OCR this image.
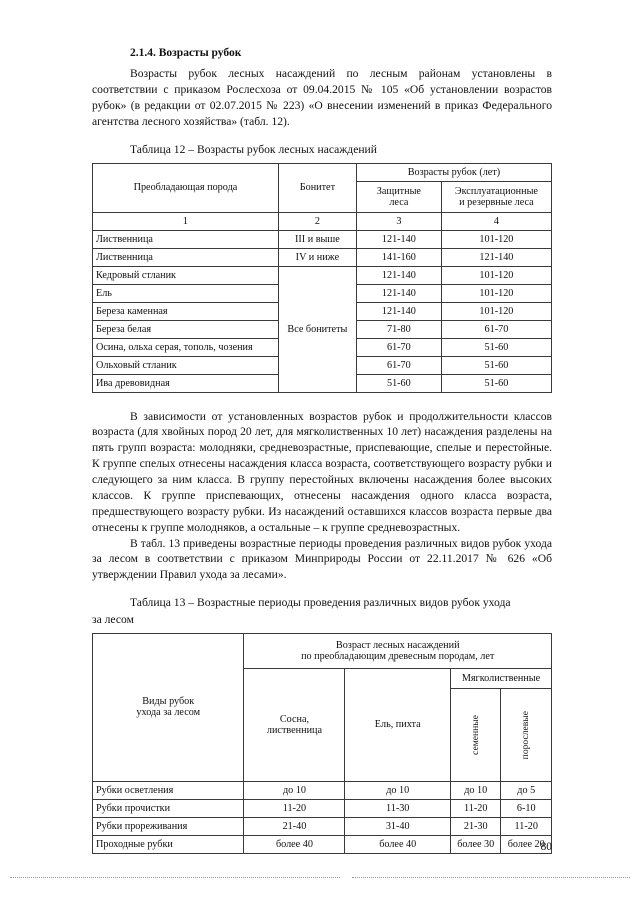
2.1.4. Возрасты рубок

Возрасты рубок лесных насаждений по лесным районам установлены в соответствии с приказом Рослесхоза от 09.04.2015 № 105 «Об установлении возрастов рубок» (в редакции от 02.07.2015 № 223) «О внесении изменений в приказ Федерального агентства лесного хозяйства» (табл. 12).

Таблица 12 – Возрасты рубок лесных насаждений
Преобладающая порода	Бонитет	Возрасты рубок (лет)	

Защитные
леса

Эксплуатационные
и резервные леса

1	2	3	4
Лиственница	III и выше	121-140	101-120
Лиственница	IV и ниже	141-160	121-140
Кедровый стланик	Все бонитеты	121-140	101-120
Ель		121-140	101-120
Береза каменная		121-140	101-120
Береза белая		71-80	61-70
Осина, ольха серая, тополь, чозения		61-70	51-60
Ольховый стланик		61-70	51-60
Ива древовидная		51-60	51-60

В зависимости от установленных возрастов рубок и продолжительности классов возраста (для хвойных пород 20 лет, для мягколиственных 10 лет) насаждения разделены на пять групп возраста: молодняки, средневозрастные, приспевающие, спелые и перестойные. К группе спелых отнесены насаждения класса возраста, соответствующего возрасту рубки и следующего за ним класса. В группу перестойных включены насаждения более высоких классов. К группе приспевающих, отнесены насаждения одного класса возраста, предшествующего возрасту рубки. Из насаждений оставшихся классов возраста первые два отнесены к группе молодняков, а остальные – к группе средневозрастных.

В табл. 13 приведены возрастные периоды проведения различных видов рубок ухода за лесом в соответствии с приказом Минприроды России от 22.11.2017 № 626 «Об утверждении Правил ухода за лесами».

Таблица 13 – Возрастные периоды проведения различных видов рубок ухода
за лесом
Виды рубок
ухода за лесом

Возраст лесных насаждений
по преобладающим древесным породам, лет

	Сосна,
лиственница	Ель, пихта	Мягколиственные	

			семенные	порослевые

Рубки осветления	до 10	до 10	до 10	до 5
Рубки прочистки	11-20	11-30	11-20	6-10
Рубки прореживания	21-40	31-40	21-30	11-20
Проходные рубки	более 40	более 40	более 30	более 20
80
